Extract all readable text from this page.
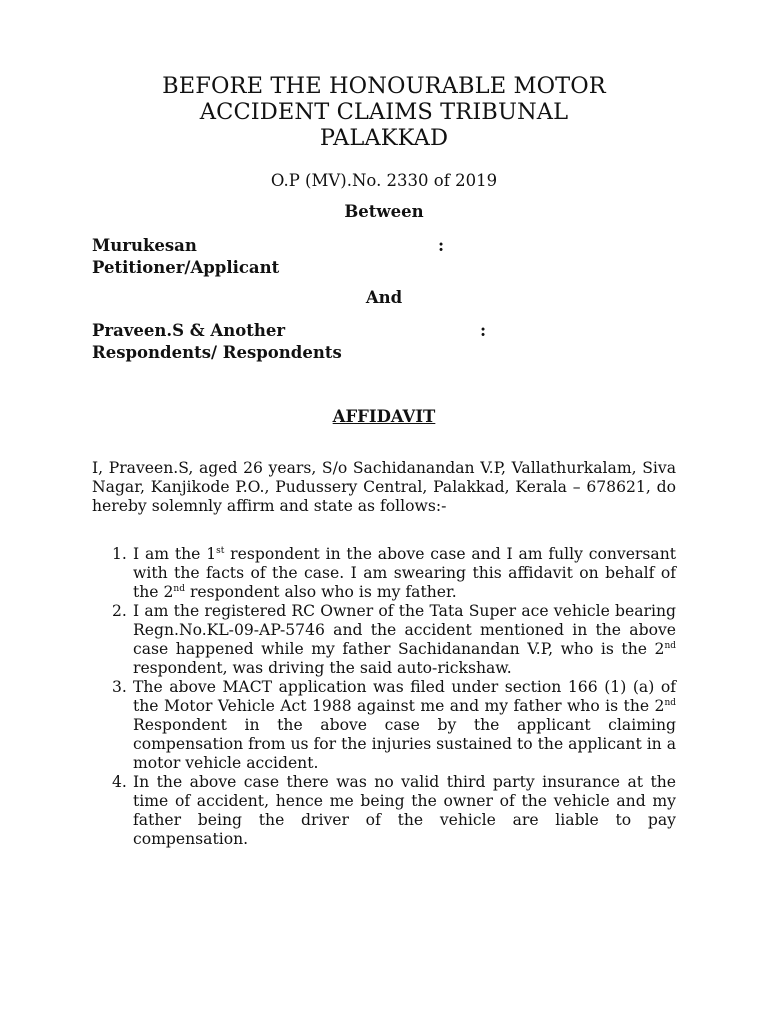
BEFORE THE HONOURABLE MOTOR
ACCIDENT CLAIMS TRIBUNAL
PALAKKAD
O.P (MV).No. 2330 of 2019
Between
Murukesan	:
Petitioner/Applicant
And
Praveen.S & Another	:
Respondents/ Respondents
AFFIDAVIT

I, Praveen.S, aged 26 years, S/o Sachidanandan V.P, Vallathurkalam, Siva Nagar, Kanjikode P.O., Pudussery Central, Palakkad, Kerala – 678621, do hereby solemnly affirm and state as follows:-

1. I am the 1st respondent in the above case and I am fully conversant with the facts of the case. I am swearing this affidavit on behalf of the 2nd respondent also who is my father.
2. I am the registered RC Owner of the Tata Super ace vehicle bearing Regn.No.KL-09-AP-5746 and the accident mentioned in the above case happened while my father Sachidanandan V.P, who is the 2nd respondent, was driving the said auto-rickshaw.
3. The above MACT application was filed under section 166 (1) (a) of the Motor Vehicle Act 1988 against me and my father who is the 2nd Respondent in the above case by the applicant claiming compensation from us for the injuries sustained to the applicant in a motor vehicle accident.
4. In the above case there was no valid third party insurance at the time of accident, hence me being the owner of the vehicle and my father being the driver of the vehicle are liable to pay compensation.
